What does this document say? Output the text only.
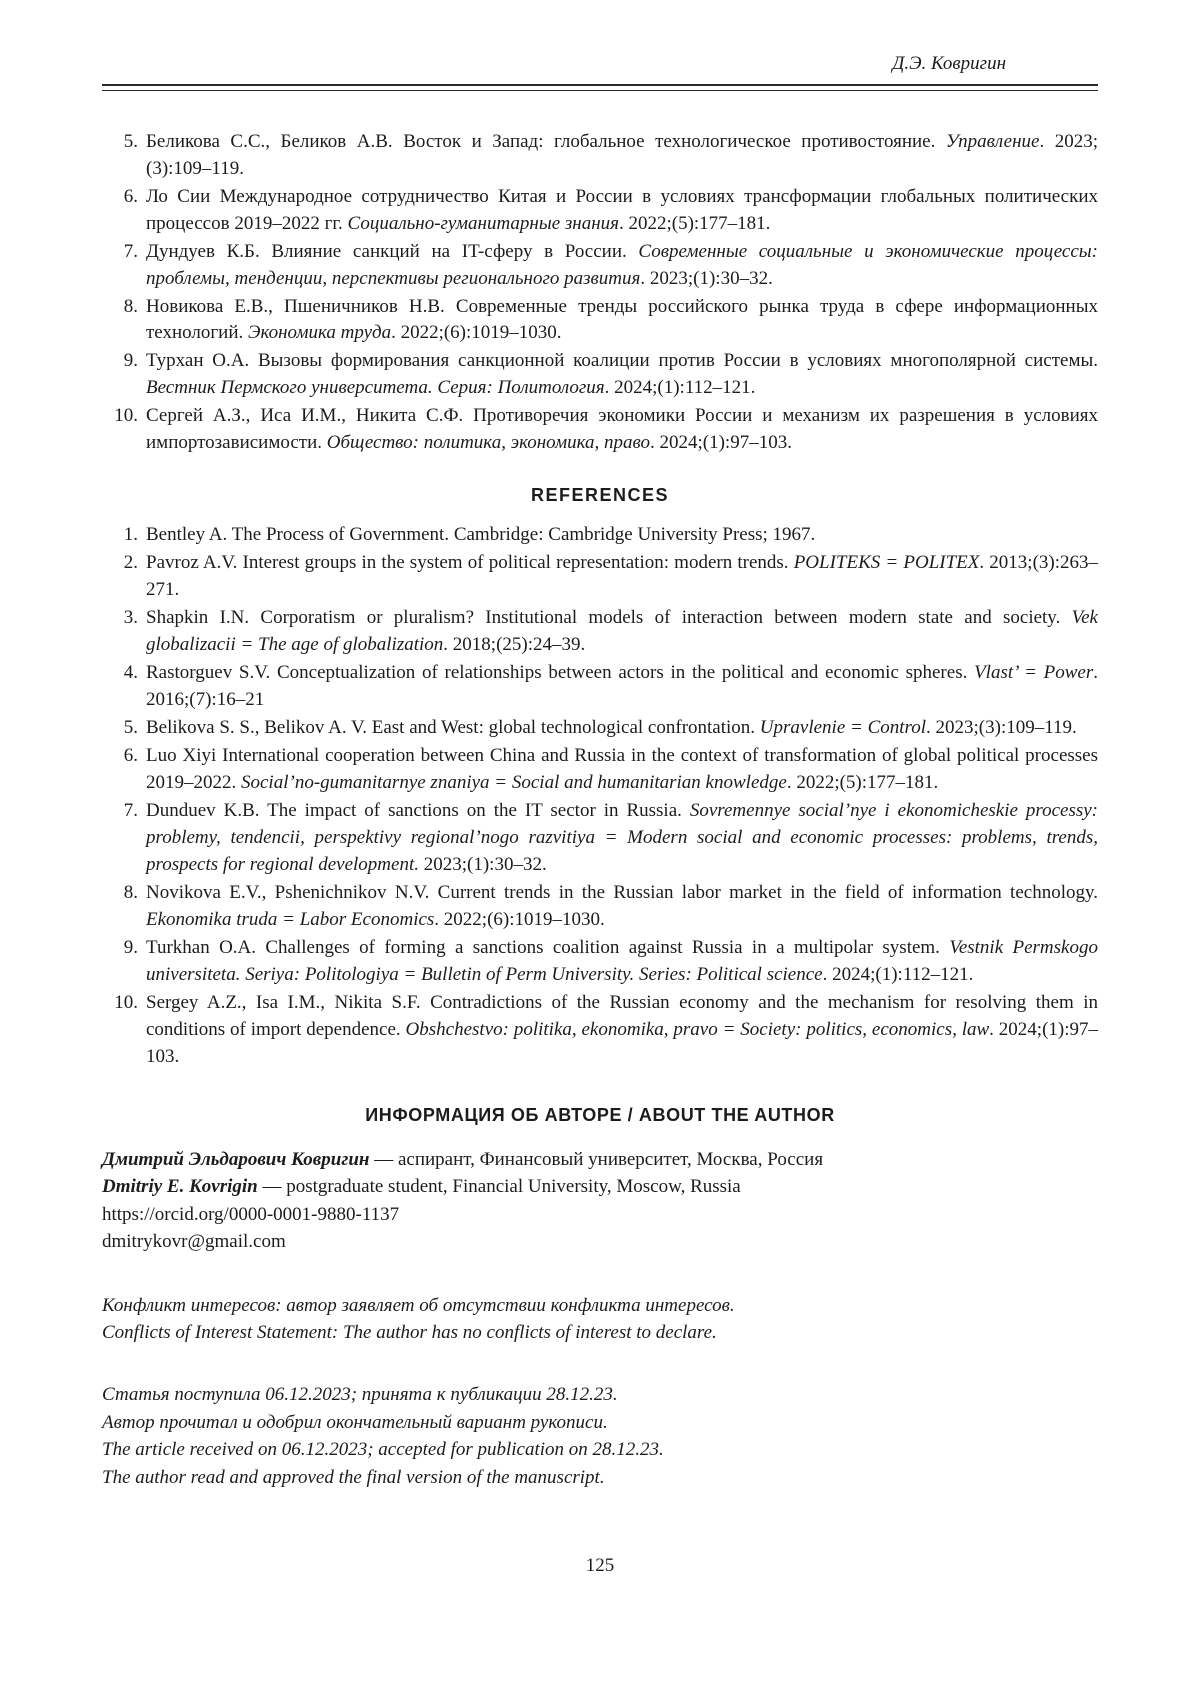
Д.Э. Ковригин
5. Беликова С.С., Беликов А.В. Восток и Запад: глобальное технологическое противостояние. Управление. 2023;(3):109–119.
6. Ло Сии Международное сотрудничество Китая и России в условиях трансформации глобальных политических процессов 2019–2022 гг. Социально-гуманитарные знания. 2022;(5):177–181.
7. Дундуев К.Б. Влияние санкций на IT-сферу в России. Современные социальные и экономические процессы: проблемы, тенденции, перспективы регионального развития. 2023;(1):30–32.
8. Новикова Е.В., Пшеничников Н.В. Современные тренды российского рынка труда в сфере информационных технологий. Экономика труда. 2022;(6):1019–1030.
9. Турхан О.А. Вызовы формирования санкционной коалиции против России в условиях многополярной системы. Вестник Пермского университета. Серия: Политология. 2024;(1):112–121.
10. Сергей А.З., Иса И.М., Никита С.Ф. Противоречия экономики России и механизм их разрешения в условиях импортозависимости. Общество: политика, экономика, право. 2024;(1):97–103.
REFERENCES
1. Bentley A. The Process of Government. Cambridge: Cambridge University Press; 1967.
2. Pavroz A.V. Interest groups in the system of political representation: modern trends. POLITEKS = POLITEX. 2013;(3):263–271.
3. Shapkin I.N. Corporatism or pluralism? Institutional models of interaction between modern state and society. Vek globalizacii = The age of globalization. 2018;(25):24–39.
4. Rastorguev S.V. Conceptualization of relationships between actors in the political and economic spheres. Vlast’ = Power. 2016;(7):16–21
5. Belikova S. S., Belikov A. V. East and West: global technological confrontation. Upravlenie = Control. 2023;(3):109–119.
6. Luo Xiyi International cooperation between China and Russia in the context of transformation of global political processes 2019–2022. Social’no-gumanitarnye znaniya = Social and humanitarian knowledge. 2022;(5):177–181.
7. Dunduev K.B. The impact of sanctions on the IT sector in Russia. Sovremennye social’nye i ekonomicheskie processy: problemy, tendencii, perspektivy regional’nogo razvitiya = Modern social and economic processes: problems, trends, prospects for regional development. 2023;(1):30–32.
8. Novikova E.V., Pshenichnikov N.V. Current trends in the Russian labor market in the field of information technology. Ekonomika truda = Labor Economics. 2022;(6):1019–1030.
9. Turkhan O.A. Challenges of forming a sanctions coalition against Russia in a multipolar system. Vestnik Permskogo universiteta. Seriya: Politologiya = Bulletin of Perm University. Series: Political science. 2024;(1):112–121.
10. Sergey A.Z., Isa I.M., Nikita S.F. Contradictions of the Russian economy and the mechanism for resolving them in conditions of import dependence. Obshchestvo: politika, ekonomika, pravo = Society: politics, economics, law. 2024;(1):97–103.
ИНФОРМАЦИЯ ОБ АВТОРЕ / ABOUT THE AUTHOR
Дмитрий Эльдарович Ковригин — аспирант, Финансовый университет, Москва, Россия
Dmitriy E. Kovrigin — postgraduate student, Financial University, Moscow, Russia
https://orcid.org/0000-0001-9880-1137
dmitrykovr@gmail.com
Конфликт интересов: автор заявляет об отсутствии конфликта интересов.
Conflicts of Interest Statement: The author has no conflicts of interest to declare.
Статья поступила 06.12.2023; принята к публикации 28.12.23.
Автор прочитал и одобрил окончательный вариант рукописи.
The article received on 06.12.2023; accepted for publication on 28.12.23.
The author read and approved the final version of the manuscript.
125
